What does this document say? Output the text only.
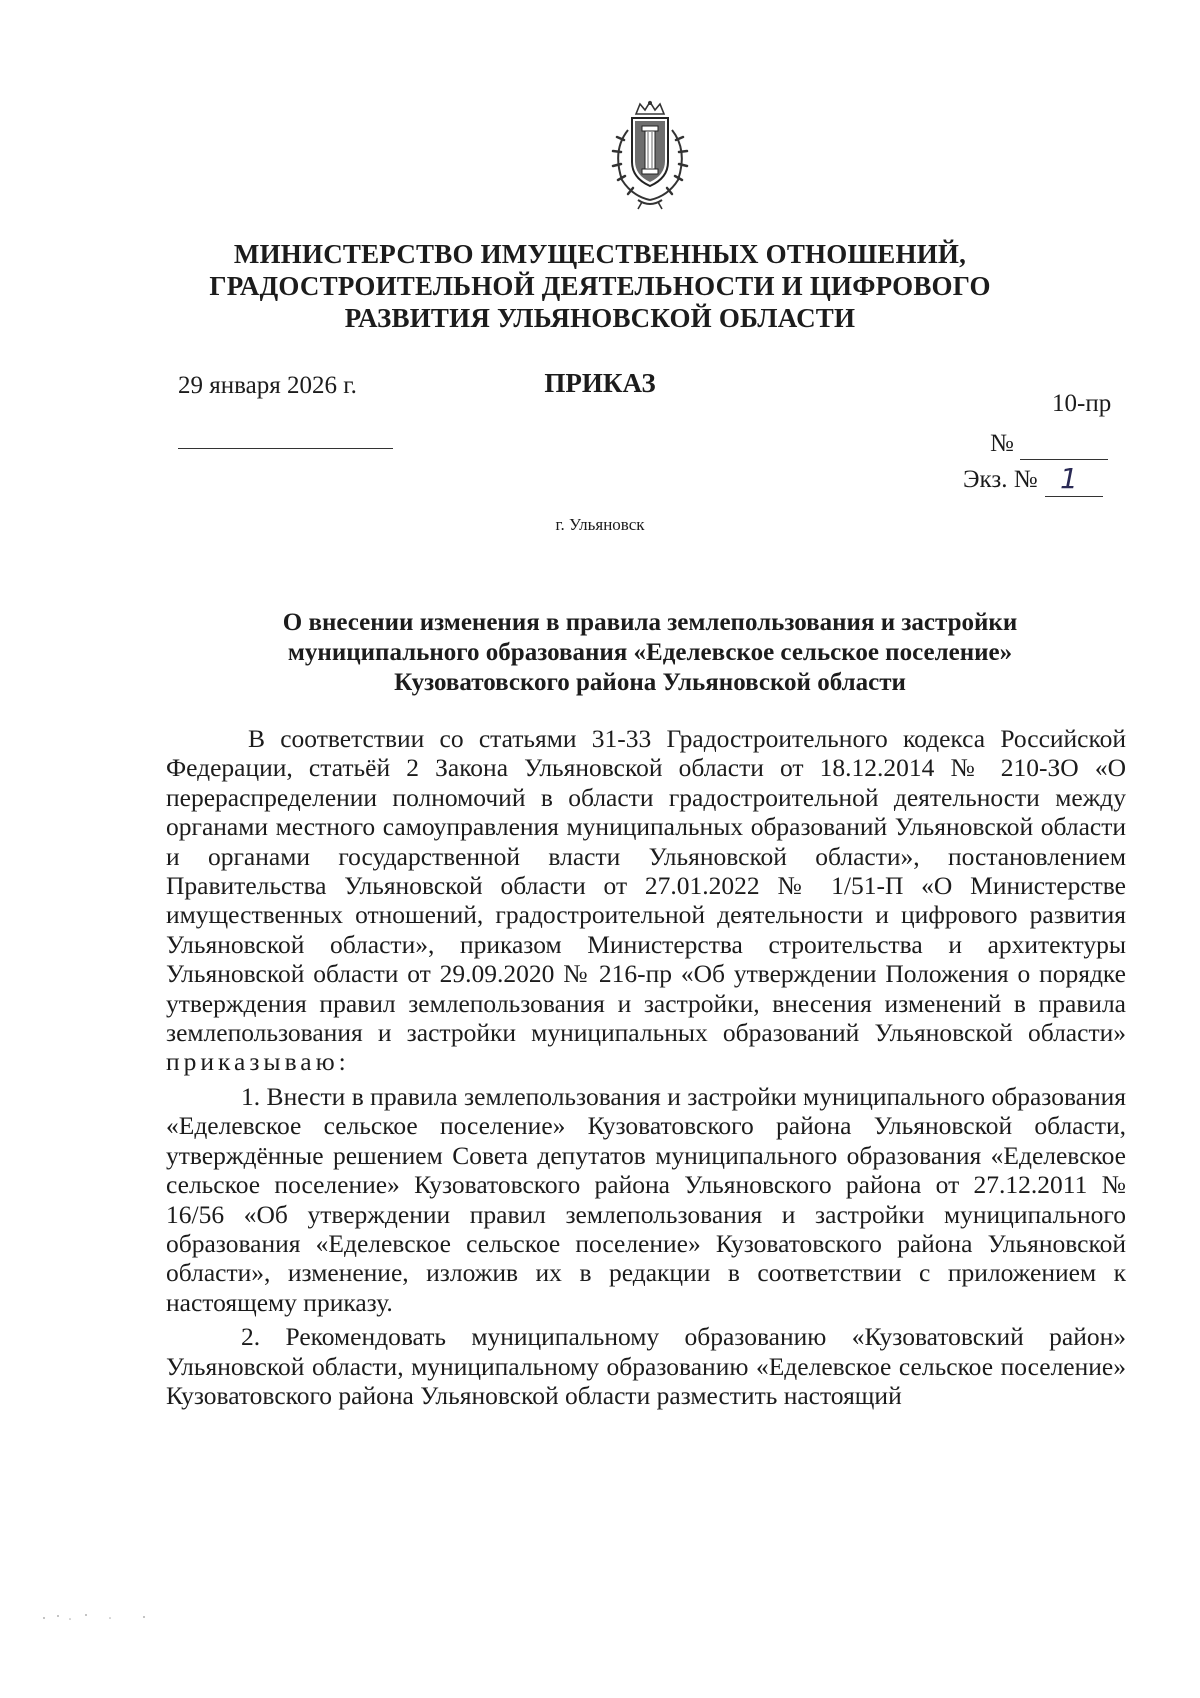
МИНИСТЕРСТВО ИМУЩЕСТВЕННЫХ ОТНОШЕНИЙ,
ГРАДОСТРОИТЕЛЬНОЙ ДЕЯТЕЛЬНОСТИ И ЦИФРОВОГО
РАЗВИТИЯ УЛЬЯНОВСКОЙ ОБЛАСТИ
ПРИКАЗ
29 января 2026 г.
10-пр
№
Экз. № 1
г. Ульяновск
О внесении изменения в правила землепользования и застройки
муниципального образования «Еделевское сельское поселение»
Кузоватовского района Ульяновской области

В соответствии со статьями 31-33 Градостроительного кодекса Российской Федерации, статьёй 2 Закона Ульяновской области от 18.12.2014 № 210-ЗО «О перераспределении полномочий в области градостроительной деятельности между органами местного самоуправления муниципальных образований Ульяновской области и органами государственной власти Ульяновской области», постановлением Правительства Ульяновской области от 27.01.2022 № 1/51-П «О Министерстве имущественных отношений, градостроительной деятельности и цифрового развития Ульяновской области», приказом Министерства строительства и архитектуры Ульяновской области от 29.09.2020 № 216-пр «Об утверждении Положения о порядке утверждения правил землепользования и застройки, внесения изменений в правила землепользования и застройки муниципальных образований Ульяновской области» приказываю:

1. Внести в правила землепользования и застройки муниципального образования «Еделевское сельское поселение» Кузоватовского района Ульяновской области, утверждённые решением Совета депутатов муниципального образования «Еделевское сельское поселение» Кузоватовского района Ульяновского района от 27.12.2011 № 16/56 «Об утверждении правил землепользования и застройки муниципального образования «Еделевское сельское поселение» Кузоватовского района Ульяновской области», изменение, изложив их в редакции в соответствии с приложением к настоящему приказу.

2. Рекомендовать муниципальному образованию «Кузоватовский район» Ульяновской области, муниципальному образованию «Еделевское сельское поселение» Кузоватовского района Ульяновской области разместить настоящий
